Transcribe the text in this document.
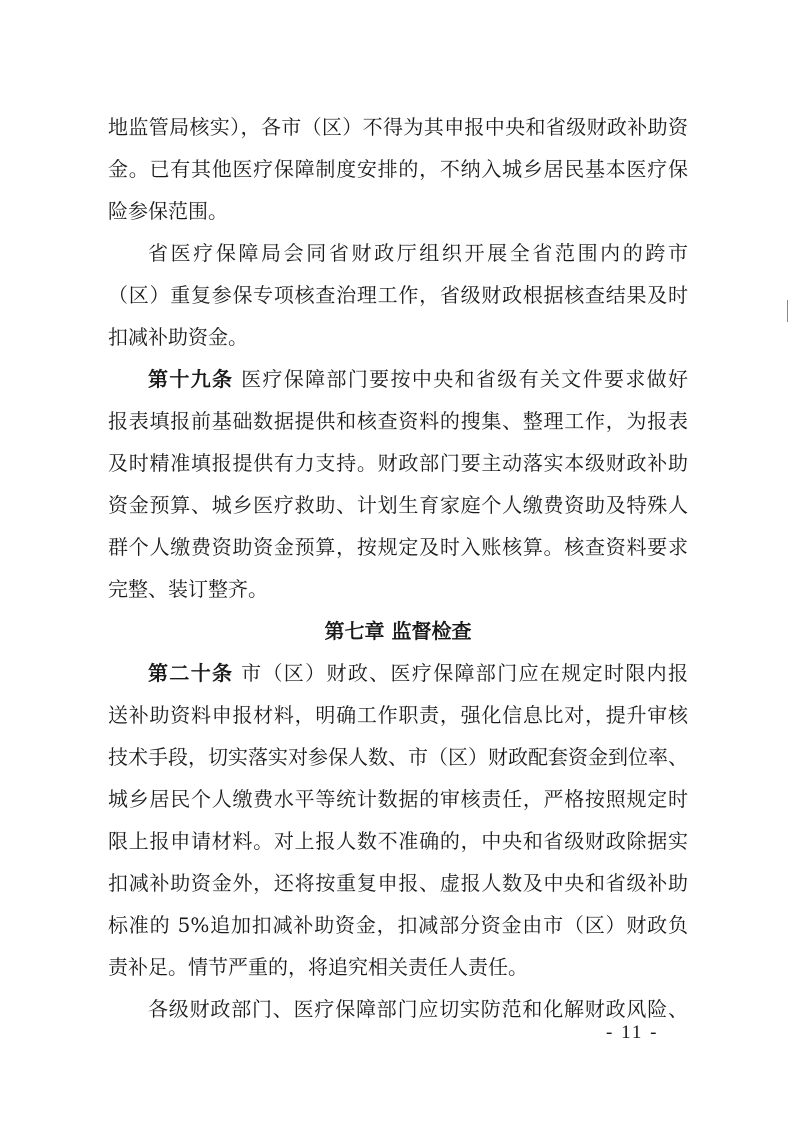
地监管局核实），各市（区）不得为其申报中央和省级财政补助资
金。已有其他医疗保障制度安排的，不纳入城乡居民基本医疗保
险参保范围。
省医疗保障局会同省财政厅组织开展全省范围内的跨市
（区）重复参保专项核查治理工作，省级财政根据核查结果及时
扣减补助资金。
第十九条 医疗保障部门要按中央和省级有关文件要求做好
报表填报前基础数据提供和核查资料的搜集、整理工作，为报表
及时精准填报提供有力支持。财政部门要主动落实本级财政补助
资金预算、城乡医疗救助、计划生育家庭个人缴费资助及特殊人
群个人缴费资助资金预算，按规定及时入账核算。核查资料要求
完整、装订整齐。
第七章 监督检查
第二十条 市（区）财政、医疗保障部门应在规定时限内报
送补助资料申报材料，明确工作职责，强化信息比对，提升审核
技术手段，切实落实对参保人数、市（区）财政配套资金到位率、
城乡居民个人缴费水平等统计数据的审核责任，严格按照规定时
限上报申请材料。对上报人数不准确的，中央和省级财政除据实
扣减补助资金外，还将按重复申报、虚报人数及中央和省级补助
标准的 5%追加扣减补助资金，扣减部分资金由市（区）财政负
责补足。情节严重的，将追究相关责任人责任。
各级财政部门、医疗保障部门应切实防范和化解财政风险、
- 11 -
